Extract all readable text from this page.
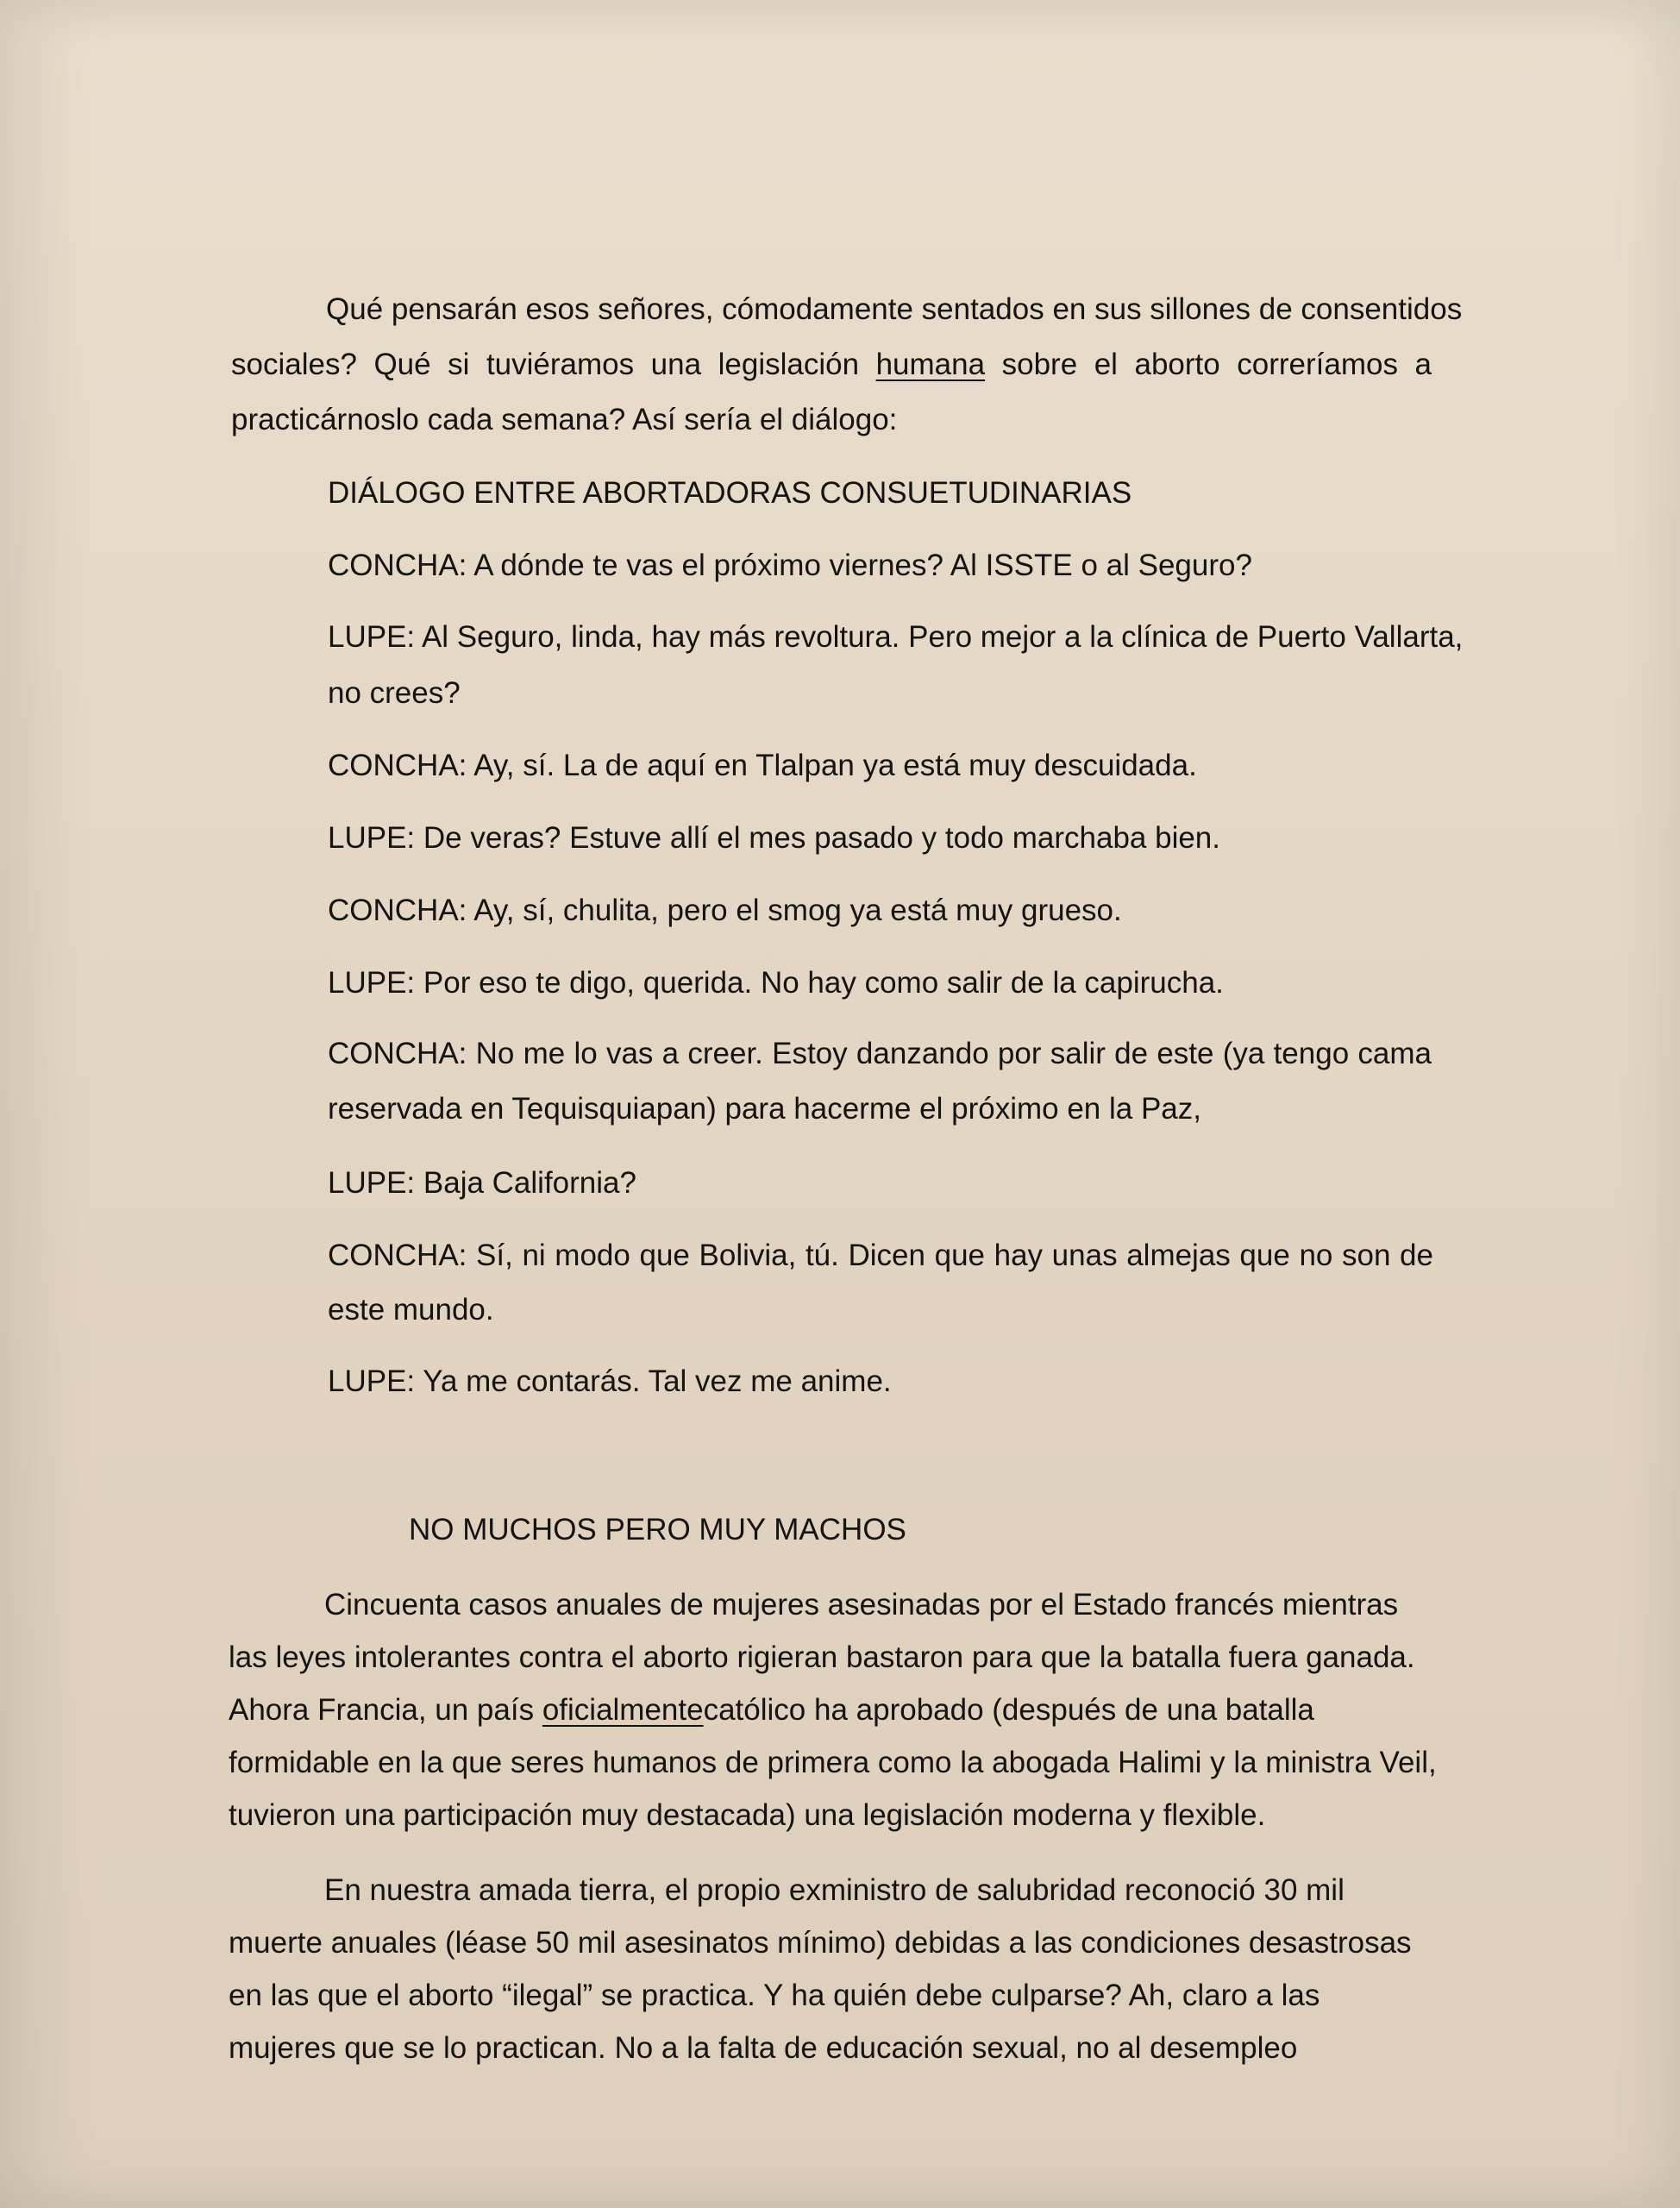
Qué pensarán esos señores, cómodamente sentados en sus sillones de consentidos
sociales? Qué si tuviéramos una legislación humana sobre el aborto correríamos a
practicárnoslo cada semana? Así sería el diálogo:
DIÁLOGO ENTRE ABORTADORAS CONSUETUDINARIAS
CONCHA: A dónde te vas el próximo viernes? Al ISSTE o al Seguro?
LUPE: Al Seguro, linda, hay más revoltura. Pero mejor a la clínica de Puerto Vallarta,
no crees?
CONCHA: Ay, sí. La de aquí en Tlalpan ya está muy descuidada.
LUPE: De veras? Estuve allí el mes pasado y todo marchaba bien.
CONCHA: Ay, sí, chulita, pero el smog ya está muy grueso.
LUPE: Por eso te digo, querida. No hay como salir de la capirucha.
CONCHA: No me lo vas a creer. Estoy danzando por salir de este (ya tengo cama
reservada en Tequisquiapan) para hacerme el próximo en la Paz,
LUPE: Baja California?
CONCHA: Sí, ni modo que Bolivia, tú. Dicen que hay unas almejas que no son de
este mundo.
LUPE: Ya me contarás. Tal vez me anime.
NO MUCHOS PERO MUY MACHOS
Cincuenta casos anuales de mujeres asesinadas por el Estado francés mientras
las leyes intolerantes contra el aborto rigieran bastaron para que la batalla fuera ganada.
Ahora Francia, un país oficialmentecatólico ha aprobado (después de una batalla
formidable en la que seres humanos de primera como la abogada Halimi y la ministra Veil,
tuvieron una participación muy destacada) una legislación moderna y flexible.
En nuestra amada tierra, el propio exministro de salubridad reconoció 30 mil
muerte anuales (léase 50 mil asesinatos mínimo) debidas a las condiciones desastrosas
en las que el aborto “ilegal” se practica. Y ha quién debe culparse? Ah, claro a las
mujeres que se lo practican. No a la falta de educación sexual, no al desempleo
